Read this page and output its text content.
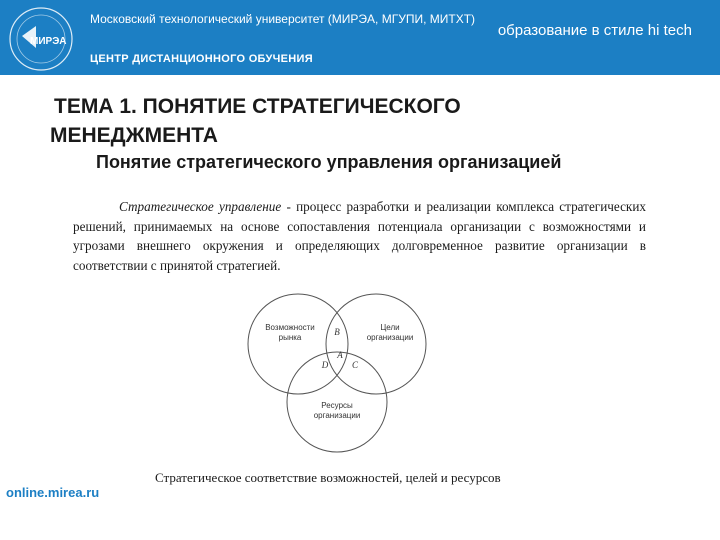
МИРЭА
Московский технологический университет (МИРЭА, МГУПИ, МИТХТ)
образование в стиле hi tech
ЦЕНТР ДИСТАНЦИОННОГО ОБУЧЕНИЯ
ТЕМА 1. ПОНЯТИЕ СТРАТЕГИЧЕСКОГО
МЕНЕДЖМЕНТА
Понятие стратегического управления организацией
Стратегическое управление - процесс разработки и реализации комплекса стратегических решений, принимаемых на основе сопоставления потенциала организации с возможностями и угрозами внешнего окружения и определяющих долговременное развитие организации в соответствии с принятой стратегией.
Возможности
рынка
Цели
организации
Ресурсы
организации
B
A
D	C
Стратегическое соответствие возможностей, целей и ресурсов
online.mirea.ru
